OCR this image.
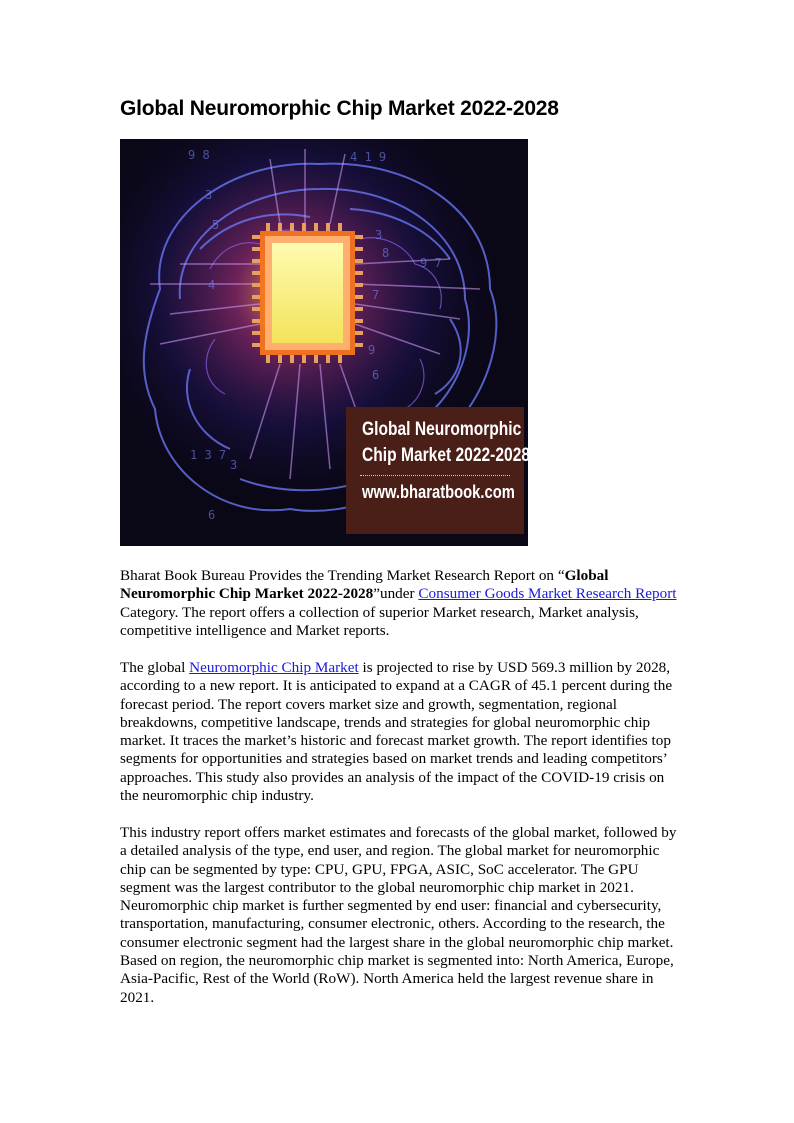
Global Neuromorphic Chip Market 2022-2028
9 8	4 1 9
3
5
3
8
9 7
4
7
9
6
6
1 3 7
3
Global Neuromorphic
Chip Market 2022-2028
www.bharatbook.com

Bharat Book Bureau Provides the Trending Market Research Report on “Global Neuromorphic Chip Market 2022-2028”under Consumer Goods Market Research Report Category. The report offers a collection of superior Market research, Market analysis, competitive intelligence and Market reports.

The global Neuromorphic Chip Market is projected to rise by USD 569.3 million by 2028, according to a new report. It is anticipated to expand at a CAGR of 45.1 percent during the forecast period. The report covers market size and growth, segmentation, regional breakdowns, competitive landscape, trends and strategies for global neuromorphic chip market. It traces the market’s historic and forecast market growth. The report identifies top segments for opportunities and strategies based on market trends and leading competitors’ approaches. This study also provides an analysis of the impact of the COVID-19 crisis on the neuromorphic chip industry.

This industry report offers market estimates and forecasts of the global market, followed by a detailed analysis of the type, end user, and region. The global market for neuromorphic chip can be segmented by type: CPU, GPU, FPGA, ASIC, SoC accelerator. The GPU segment was the largest contributor to the global neuromorphic chip market in 2021. Neuromorphic chip market is further segmented by end user: financial and cybersecurity, transportation, manufacturing, consumer electronic, others. According to the research, the consumer electronic segment had the largest share in the global neuromorphic chip market. Based on region, the neuromorphic chip market is segmented into: North America, Europe, Asia-Pacific, Rest of the World (RoW). North America held the largest revenue share in 2021.
